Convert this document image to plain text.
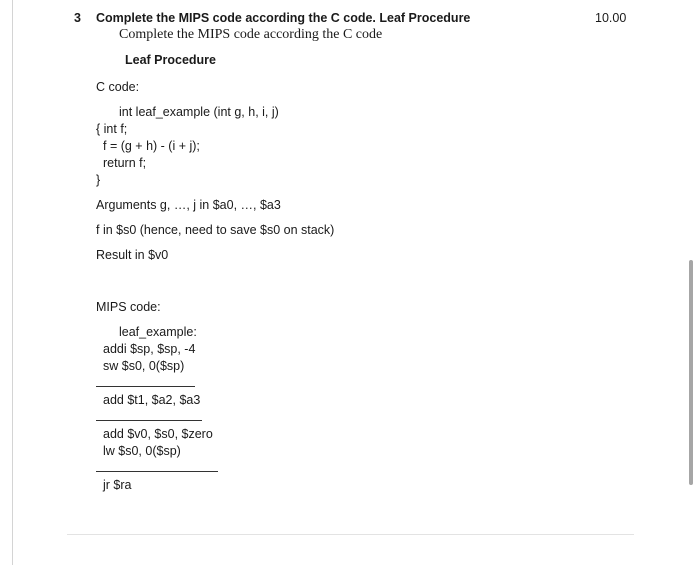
3 Complete the MIPS code according the C code. Leaf Procedure	10.00
Complete the MIPS code according the C code
Leaf Procedure
C code:
int leaf_example (int g, h, i, j)
{ int f;
f = (g + h) - (i + j);
return f;
}
Arguments g, …, j in $a0, …, $a3
f in $s0 (hence, need to save $s0 on stack)
Result in $v0
MIPS code:
leaf_example:
addi $sp, $sp, -4
sw $s0, 0($sp)
add $t1, $a2, $a3
add $v0, $s0, $zero
lw $s0, 0($sp)
jr $ra
